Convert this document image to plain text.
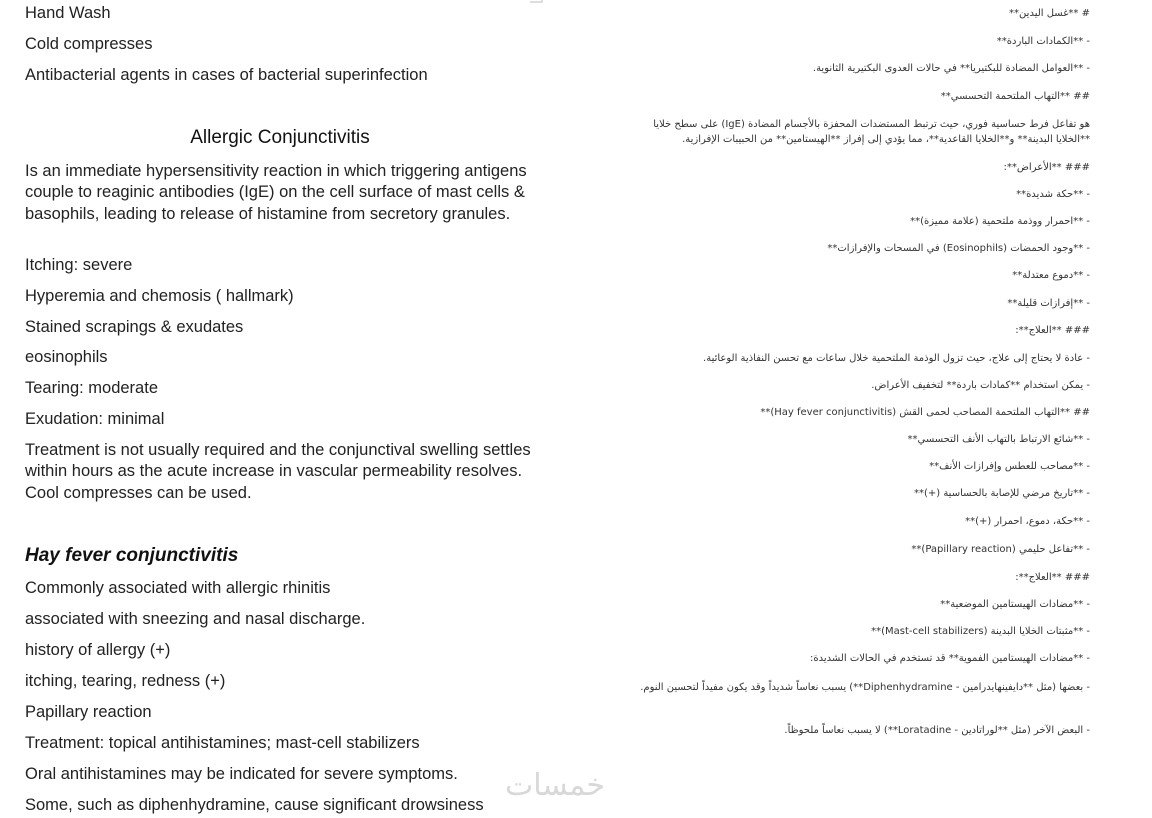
Hand Wash

Cold compresses

Antibacterial agents in cases of bacterial superinfection

Allergic Conjunctivitis

Is an immediate hypersensitivity reaction in which triggering antigens couple to reaginic antibodies (IgE) on the cell surface of mast cells & basophils, leading to release of histamine from secretory granules.

Itching: severe

Hyperemia and chemosis ( hallmark)

Stained scrapings & exudates

eosinophils

Tearing: moderate

Exudation: minimal

Treatment is not usually required and the conjunctival swelling settles within hours as the acute increase in vascular permeability resolves. Cool compresses can be used.

Hay fever conjunctivitis

Commonly associated with allergic rhinitis

associated with sneezing and nasal discharge.

history of allergy (+)

itching, tearing, redness (+)

Papillary reaction

Treatment: topical antihistamines; mast-cell stabilizers

Oral antihistamines may be indicated for severe symptoms.

Some, such as diphenhydramine, cause significant drowsiness

# **غسل اليدين**

- **الكمادات الباردة**

- **العوامل المضادة للبكتيريا** في حالات العدوى البكتيرية الثانوية.

## **التهاب الملتحمة التحسسي**

هو تفاعل فرط حساسية فوري، حيث ترتبط المستضدات المحفزة بالأجسام المضادة (IgE) على سطح خلايا **الخلايا البدينة** و**الخلايا القاعدية**، مما يؤدي إلى إفراز **الهيستامين** من الحبيبات الإفرازية.

### **الأعراض**:

- **حكة شديدة**

- **احمرار ووذمة ملتحمية (علامة مميزة)**

- **وجود الحمضات (Eosinophils) في المسحات والإفرازات**

- **دموع معتدلة**

- **إفرازات قليلة**

### **العلاج**:

- عادة لا يحتاج إلى علاج، حيث تزول الوذمة الملتحمية خلال ساعات مع تحسن النفاذية الوعائية.

- يمكن استخدام **كمادات باردة** لتخفيف الأعراض.

## **التهاب الملتحمة المصاحب لحمى القش (Hay fever conjunctivitis)**

- **شائع الارتباط بالتهاب الأنف التحسسي**

- **مصاحب للعطس وإفرازات الأنف**

- **تاريخ مرضي للإصابة بالحساسية (+)**

- **حكة، دموع، احمرار (+)**

- **تفاعل حليمي (Papillary reaction)**

### **العلاج**:

- **مضادات الهيستامين الموضعية**

- **مثبتات الخلايا البدينة (Mast-cell stabilizers)**

- **مضادات الهيستامين الفموية** قد تستخدم في الحالات الشديدة:

- بعضها (مثل **دايفينهايدرامين - Diphenhydramine**) يسبب نعاساً شديداً وقد يكون مفيداً لتحسين النوم.

- البعض الآخر (مثل **لوراتادين - Loratadine**) لا يسبب نعاساً ملحوظاً.

خمسات
